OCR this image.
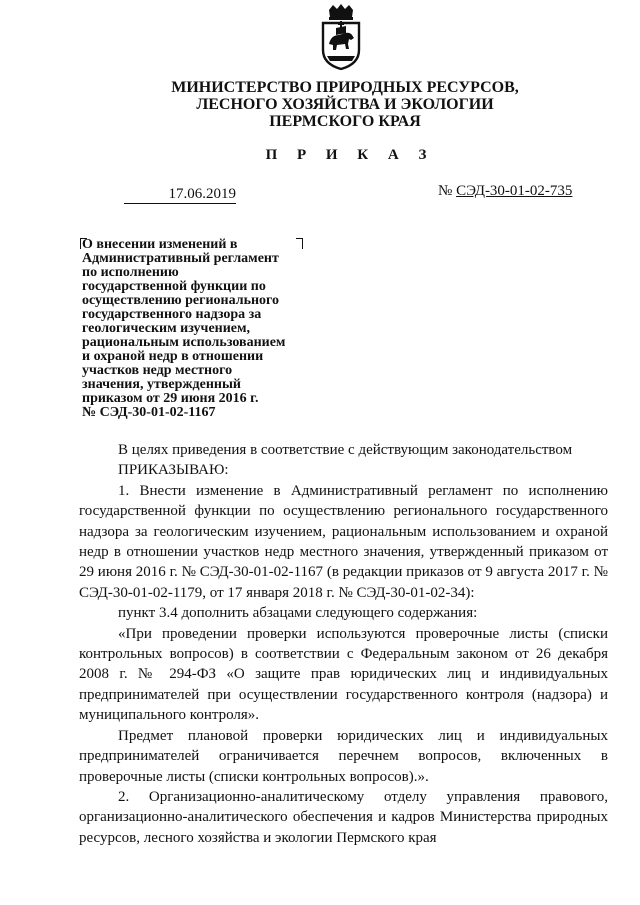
МИНИСТЕРСТВО ПРИРОДНЫХ РЕСУРСОВ,
ЛЕСНОГО ХОЗЯЙСТВА И ЭКОЛОГИИ
ПЕРМСКОГО КРАЯ
П Р И К А З
17.06.2019	№ СЭД-30-01-02-735
О внесении изменений в
Административный регламент
по исполнению
государственной функции по
осуществлению регионального
государственного надзора за
геологическим изучением,
рациональным использованием
и охраной недр в отношении
участков недр местного
значения, утвержденный
приказом от 29 июня 2016 г.
№ СЭД-30-01-02-1167

В целях приведения в соответствие с действующим законодательством

ПРИКАЗЫВАЮ:

1. Внести изменение в Административный регламент по исполнению государственной функции по осуществлению регионального государственного надзора за геологическим изучением, рациональным использованием и охраной недр в отношении участков недр местного значения, утвержденный приказом от 29 июня 2016 г. № СЭД-30-01-02-1167 (в редакции приказов от 9 августа 2017 г. № СЭД-30-01-02-1179, от 17 января 2018 г. № СЭД-30-01-02-34):

пункт 3.4 дополнить абзацами следующего содержания:

«При проведении проверки используются проверочные листы (списки контрольных вопросов) в соответствии с Федеральным законом от 26 декабря 2008 г. № 294-ФЗ «О защите прав юридических лиц и индивидуальных предпринимателей при осуществлении государственного контроля (надзора) и муниципального контроля».

Предмет плановой проверки юридических лиц и индивидуальных предпринимателей ограничивается перечнем вопросов, включенных в проверочные листы (списки контрольных вопросов).».

2. Организационно-аналитическому отделу управления правового, организационно-аналитического обеспечения и кадров Министерства природных ресурсов, лесного хозяйства и экологии Пермского края
